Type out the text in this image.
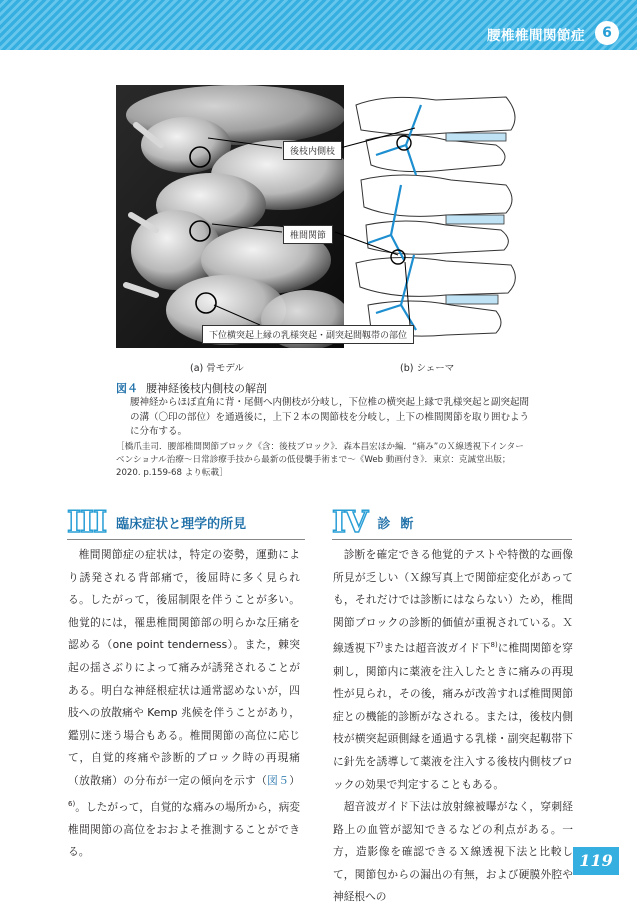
腰椎椎間関節症	6
後枝内側枝
椎間関節
下位横突起上縁の乳様突起・副突起間靱帯の部位
(a) 骨モデル	(b) シェーマ
図４ 腰神経後枝内側枝の解剖
腰神経からほぼ直角に背・尾側へ内側枝が分岐し，下位椎の横突起上縁で乳様突起と副突起間の溝（〇印の部位）を通過後に，上下２本の関節枝を分岐し，上下の椎間関節を取り囲むように分布する。
［橋爪圭司．腰部椎間関節ブロック《含：後枝ブロック》．森本昌宏ほか編．“痛み”のＸ線透視下インターベンショナル治療～日常診療手技から最新の低侵襲手術まで～《Web 動画付き》．東京：克誠堂出版；2020. p.159-68 より転載］
III 臨床症状と理学的所見

椎間関節症の症状は，特定の姿勢，運動により誘発される背部痛で，後屈時に多く見られる。したがって，後屈制限を伴うことが多い。他覚的には，罹患椎間関節部の明らかな圧痛を認める（one point tenderness）。また，棘突起の揺さぶりによって痛みが誘発されることがある。明白な神経根症状は通常認めないが，四肢への放散痛や Kemp 兆候を伴うことがあり，鑑別に迷う場合もある。椎間関節の高位に応じて，自覚的疼痛や診断的ブロック時の再現痛（放散痛）の分布が一定の傾向を示す（図５）$^{6)}$。したがって，自覚的な痛みの場所から，病変椎間関節の高位をおおよそ推測することができる。

IV 診断

診断を確定できる他覚的テストや特徴的な画像所見が乏しい（Ｘ線写真上で関節症変化があっても，それだけでは診断にはならない）ため，椎間関節ブロックの診断的価値が重視されている。Ｘ線透視下$^{7)}$または超音波ガイド下$^{8)}$に椎間関節を穿刺し，関節内に薬液を注入したときに痛みの再現性が見られ，その後，痛みが改善すれば椎間関節症との機能的診断がなされる。または，後枝内側枝が横突起頭側縁を通過する乳様・副突起靱帯下に針先を誘導して薬液を注入する後枝内側枝ブロックの効果で判定することもある。

超音波ガイド下法は放射線被曝がなく，穿刺経路上の血管が認知できるなどの利点がある。一方，造影像を確認できるＸ線透視下法と比較して，関節包からの漏出の有無，および硬膜外腔や神経根への

119
